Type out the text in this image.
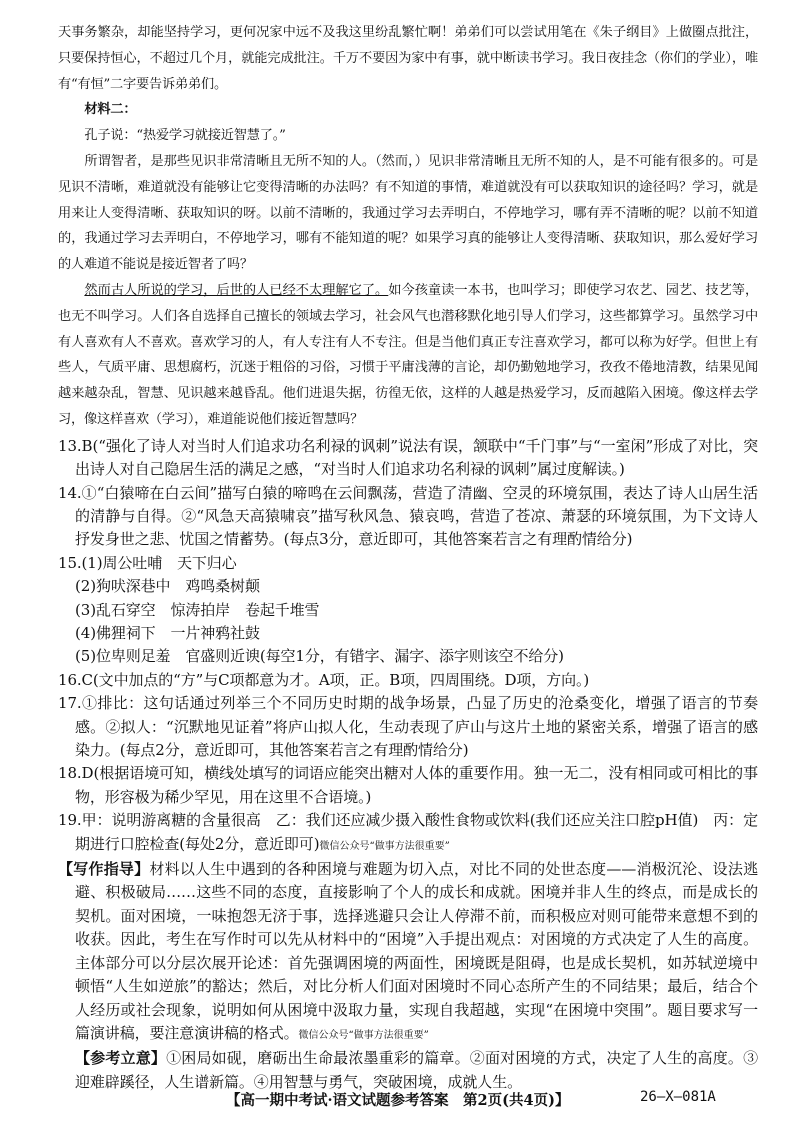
天事务繁杂，却能坚持学习，更何况家中远不及我这里纷乱繁忙啊！弟弟们可以尝试用笔在《朱子纲目》上做圈点批注，只要保持恒心，不超过几个月，就能完成批注。千万不要因为家中有事，就中断读书学习。我日夜挂念（你们的学业），唯有“有恒”二字要告诉弟弟们。

材料二：

孔子说：“热爱学习就接近智慧了。”

所谓智者，是那些见识非常清晰且无所不知的人。（然而，）见识非常清晰且无所不知的人，是不可能有很多的。可是见识不清晰，难道就没有能够让它变得清晰的办法吗？有不知道的事情，难道就没有可以获取知识的途径吗？学习，就是用来让人变得清晰、获取知识的呀。以前不清晰的，我通过学习去弄明白，不停地学习，哪有弄不清晰的呢？以前不知道的，我通过学习去弄明白，不停地学习，哪有不能知道的呢？如果学习真的能够让人变得清晰、获取知识，那么爱好学习的人难道不能说是接近智者了吗？

然而古人所说的学习，后世的人已经不太理解它了。如今孩童读一本书，也叫学习；即使学习农艺、园艺、技艺等，也无不叫学习。人们各自选择自己擅长的领域去学习，社会风气也潜移默化地引导人们学习，这些都算学习。虽然学习中有人喜欢有人不喜欢。喜欢学习的人，有人专注有人不专注。但是当他们真正专注喜欢学习，都可以称为好学。但世上有些人，气质平庸、思想腐朽，沉迷于粗俗的习俗，习惯于平庸浅薄的言论，却仍勤勉地学习，孜孜不倦地清教，结果见闻越来越杂乱，智慧、见识越来越昏乱。他们进退失据，彷徨无依，这样的人越是热爱学习，反而越陷入困境。像这样去学习，像这样喜欢（学习），难道能说他们接近智慧吗？

13.B(“强化了诗人对当时人们追求功名利禄的讽刺”说法有误，颔联中“千门事”与“一室闲”形成了对比，突出诗人对自己隐居生活的满足之感，“对当时人们追求功名利禄的讽刺”属过度解读。)

14.①“白猿啼在白云间”描写白猿的啼鸣在云间飘荡，营造了清幽、空灵的环境氛围，表达了诗人山居生活的清静与自得。②“风急天高猿啸哀”描写秋风急、猿哀鸣，营造了苍凉、萧瑟的环境氛围，为下文诗人抒发身世之悲、忧国之情蓄势。(每点3分，意近即可，其他答案若言之有理酌情给分)

15.(1)周公吐哺　天下归心

(2)狗吠深巷中　鸡鸣桑树颠

(3)乱石穿空　惊涛拍岸　卷起千堆雪

(4)佛狸祠下　一片神鸦社鼓

(5)位卑则足羞　官盛则近谀(每空1分，有错字、漏字、添字则该空不给分)

16.C(文中加点的“方”与C项都意为才。A项，正。B项，四周围绕。D项，方向。)

17.①排比：这句话通过列举三个不同历史时期的战争场景，凸显了历史的沧桑变化，增强了语言的节奏感。②拟人：“沉默地见证着”将庐山拟人化，生动表现了庐山与这片土地的紧密关系，增强了语言的感染力。(每点2分，意近即可，其他答案若言之有理酌情给分)

18.D(根据语境可知，横线处填写的词语应能突出糖对人体的重要作用。独一无二，没有相同或可相比的事物，形容极为稀少罕见，用在这里不合语境。)

19.甲：说明游离糖的含量很高　乙：我们还应减少摄入酸性食物或饮料(我们还应关注口腔pH值)　丙：定期进行口腔检查(每处2分，意近即可)微信公众号“做事方法很重要”

【写作指导】材料以人生中遇到的各种困境与难题为切入点，对比不同的处世态度——消极沉沦、设法逃避、积极破局……这些不同的态度，直接影响了个人的成长和成就。困境并非人生的终点，而是成长的契机。面对困境，一味抱怨无济于事，选择逃避只会让人停滞不前，而积极应对则可能带来意想不到的收获。因此，考生在写作时可以先从材料中的“困境”入手提出观点：对困境的方式决定了人生的高度。主体部分可以分层次展开论述：首先强调困境的两面性，困境既是阻碍，也是成长契机，如苏轼逆境中顿悟“人生如逆旅”的豁达；然后，对比分析人们面对困境时不同心态所产生的不同结果；最后，结合个人经历或社会现象，说明如何从困境中汲取力量，实现自我超越，实现“在困境中突围”。题目要求写一篇演讲稿，要注意演讲稿的格式。微信公众号“做事方法很重要”

【参考立意】①困局如砚，磨砺出生命最浓墨重彩的篇章。②面对困境的方式，决定了人生的高度。③迎难辟蹊径，人生谱新篇。④用智慧与勇气，突破困境，成就人生。

【高一期中考试·语文试题参考答案　第2页(共4页)】	26—X—081A
